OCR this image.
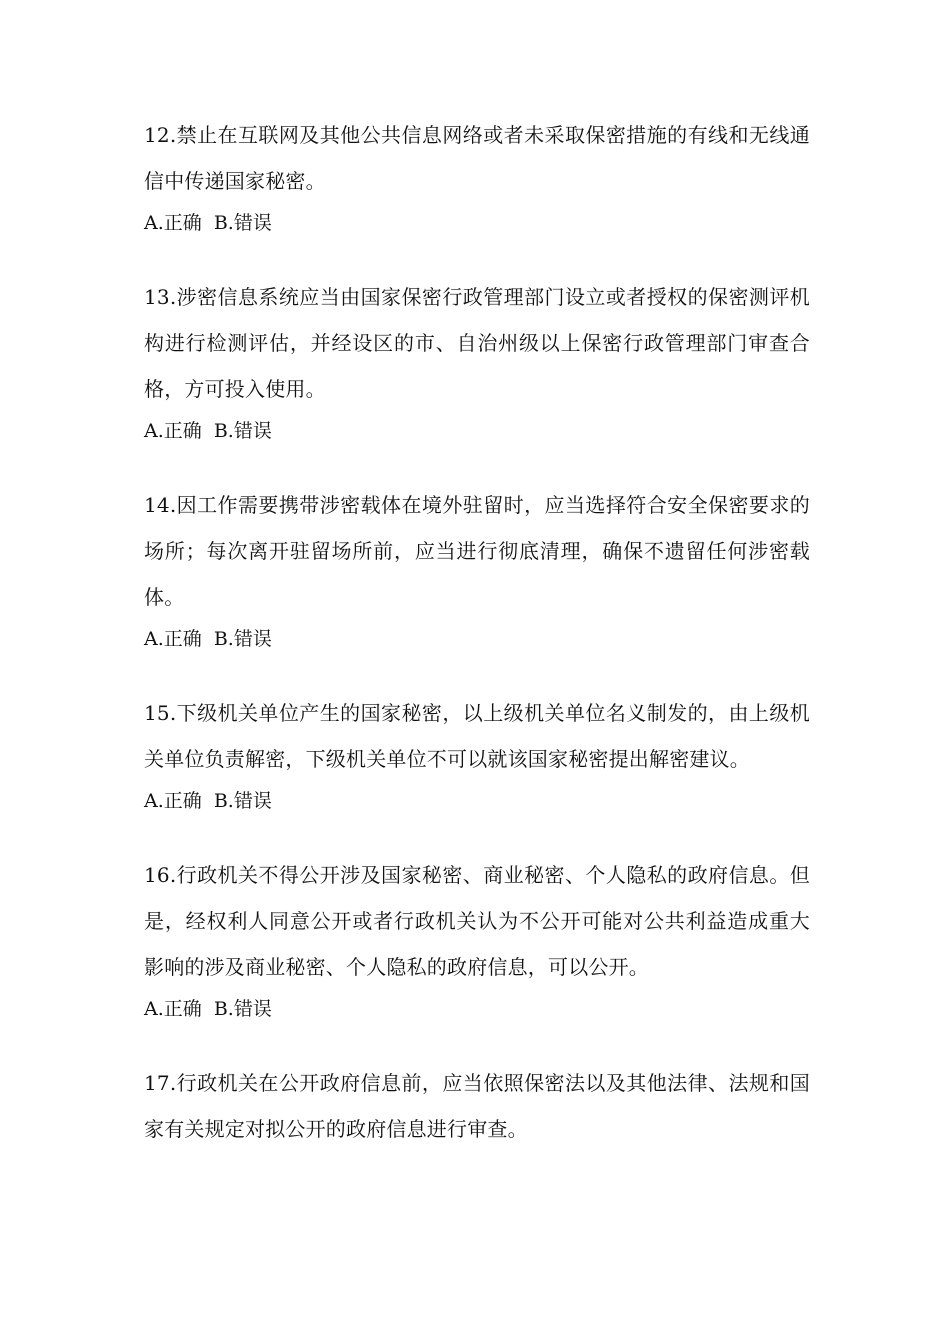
12.禁止在互联网及其他公共信息网络或者未采取保密措施的有线和无线通信中传递国家秘密。

A.正确  B.错误

13.涉密信息系统应当由国家保密行政管理部门设立或者授权的保密测评机构进行检测评估，并经设区的市、自治州级以上保密行政管理部门审查合格，方可投入使用。

A.正确  B.错误

14.因工作需要携带涉密载体在境外驻留时，应当选择符合安全保密要求的场所；每次离开驻留场所前，应当进行彻底清理，确保不遗留任何涉密载体。

A.正确  B.错误

15.下级机关单位产生的国家秘密，以上级机关单位名义制发的，由上级机关单位负责解密，下级机关单位不可以就该国家秘密提出解密建议。

A.正确  B.错误

16.行政机关不得公开涉及国家秘密、商业秘密、个人隐私的政府信息。但是，经权利人同意公开或者行政机关认为不公开可能对公共利益造成重大影响的涉及商业秘密、个人隐私的政府信息，可以公开。

A.正确  B.错误

17.行政机关在公开政府信息前，应当依照保密法以及其他法律、法规和国家有关规定对拟公开的政府信息进行审查。
